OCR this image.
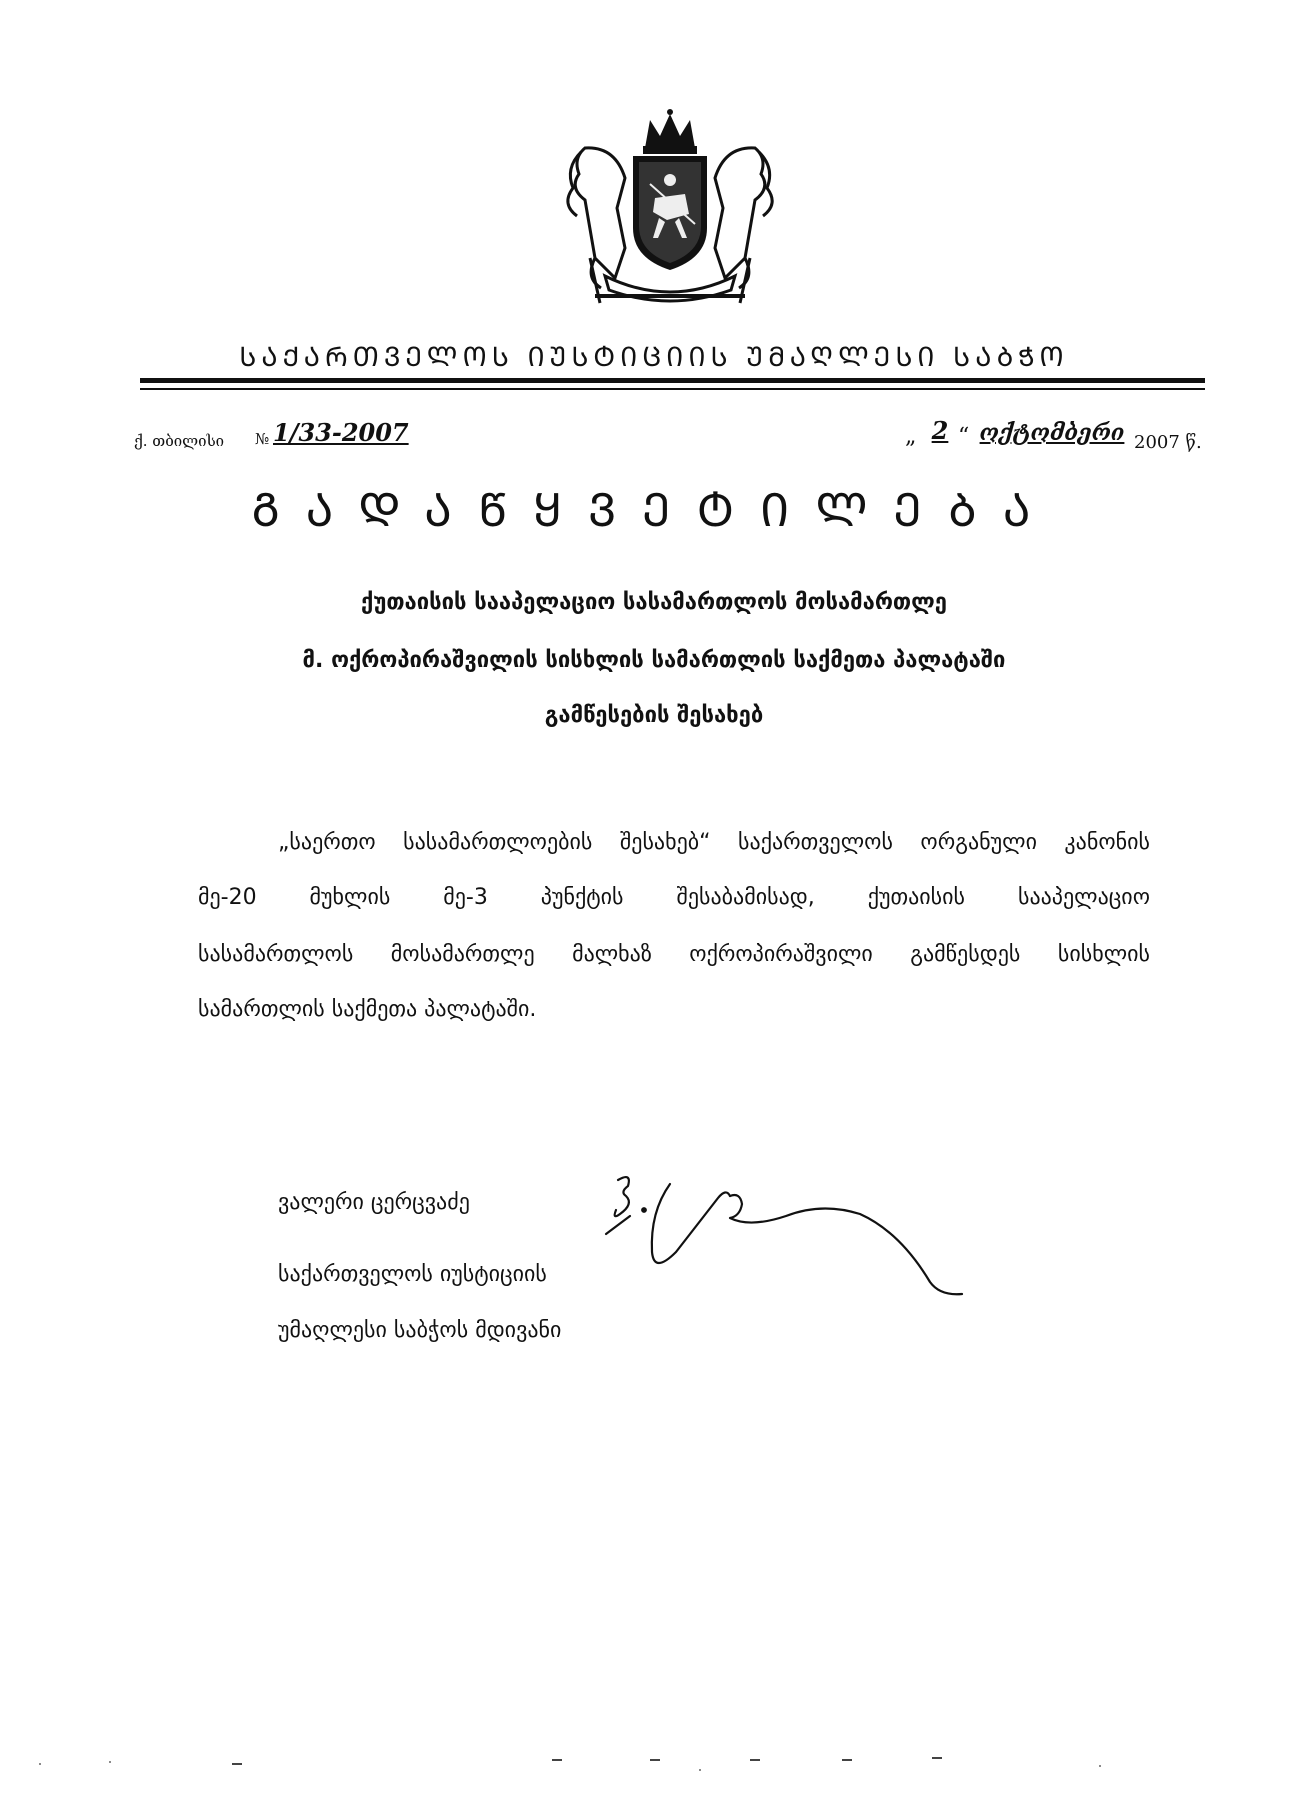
ᲡᲐᲥᲐᲠᲗᲕᲔᲚᲝᲡ ᲘᲣᲡᲢᲘᲪᲘᲘᲡ ᲣᲛᲐᲦᲚᲔᲡᲘ ᲡᲐᲑᲭᲝ
ქ. თბილისი № 1/33-2007	„ 2 “ ოქტომბერი 2007 წ.
ᲒᲐᲓᲐᲬᲧᲕᲔᲢᲘᲚᲔᲑᲐ
ქუთაისის სააპელაციო სასამართლოს მოსამართლე
მ. ოქროპირაშვილის სისხლის სამართლის საქმეთა პალატაში
გამწესების შესახებ
„საერთო სასამართლოების შესახებ“ საქართველოს ორგანული კანონის
მე-20 მუხლის მე-3 პუნქტის შესაბამისად, ქუთაისის სააპელაციო
სასამართლოს მოსამართლე მალხაზ ოქროპირაშვილი გამწესდეს სისხლის
სამართლის საქმეთა პალატაში.
ვალერი ცერცვაძე
საქართველოს იუსტიციის
უმაღლესი საბჭოს მდივანი
